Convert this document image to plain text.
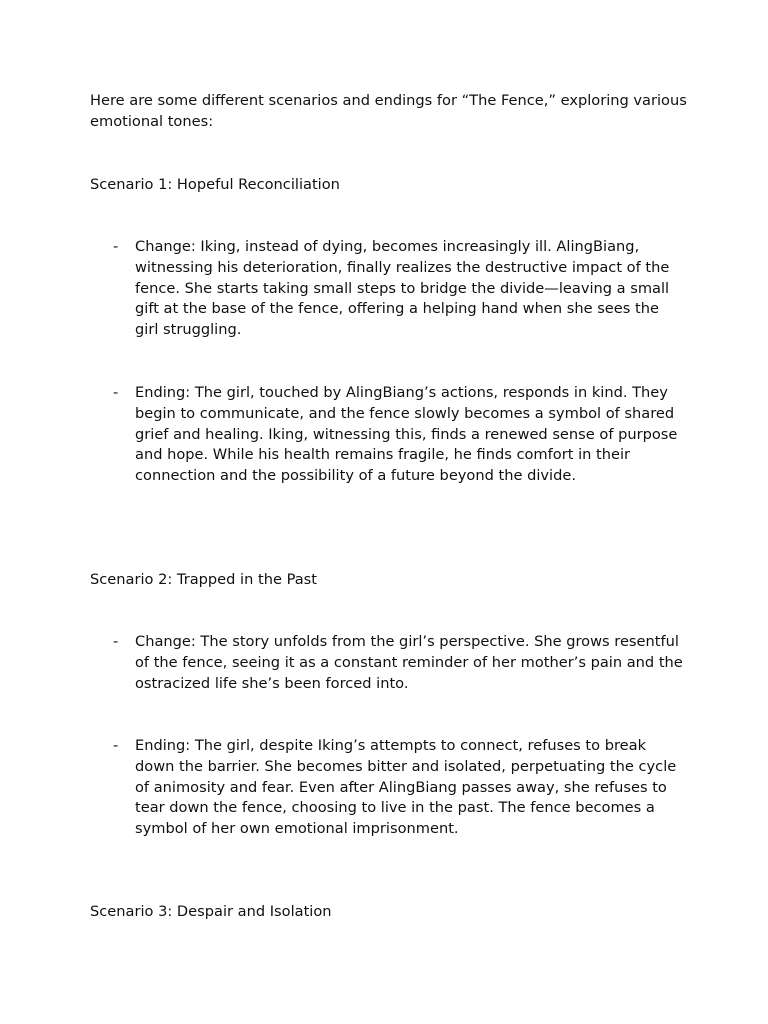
Here are some different scenarios and endings for “The Fence,” exploring various emotional tones:

Scenario 1: Hopeful Reconciliation

-	Change: Iking, instead of dying, becomes increasingly ill. AlingBiang, witnessing his deterioration, finally realizes the destructive impact of the fence. She starts taking small steps to bridge the divide—leaving a small gift at the base of the fence, offering a helping hand when she sees the girl struggling.

-	Ending: The girl, touched by AlingBiang’s actions, responds in kind. They begin to communicate, and the fence slowly becomes a symbol of shared grief and healing. Iking, witnessing this, finds a renewed sense of purpose and hope. While his health remains fragile, he finds comfort in their connection and the possibility of a future beyond the divide.

Scenario 2: Trapped in the Past

-	Change: The story unfolds from the girl’s perspective. She grows resentful of the fence, seeing it as a constant reminder of her mother’s pain and the ostracized life she’s been forced into.

-	Ending: The girl, despite Iking’s attempts to connect, refuses to break down the barrier. She becomes bitter and isolated, perpetuating the cycle of animosity and fear. Even after AlingBiang passes away, she refuses to tear down the fence, choosing to live in the past. The fence becomes a symbol of her own emotional imprisonment.

Scenario 3: Despair and Isolation
